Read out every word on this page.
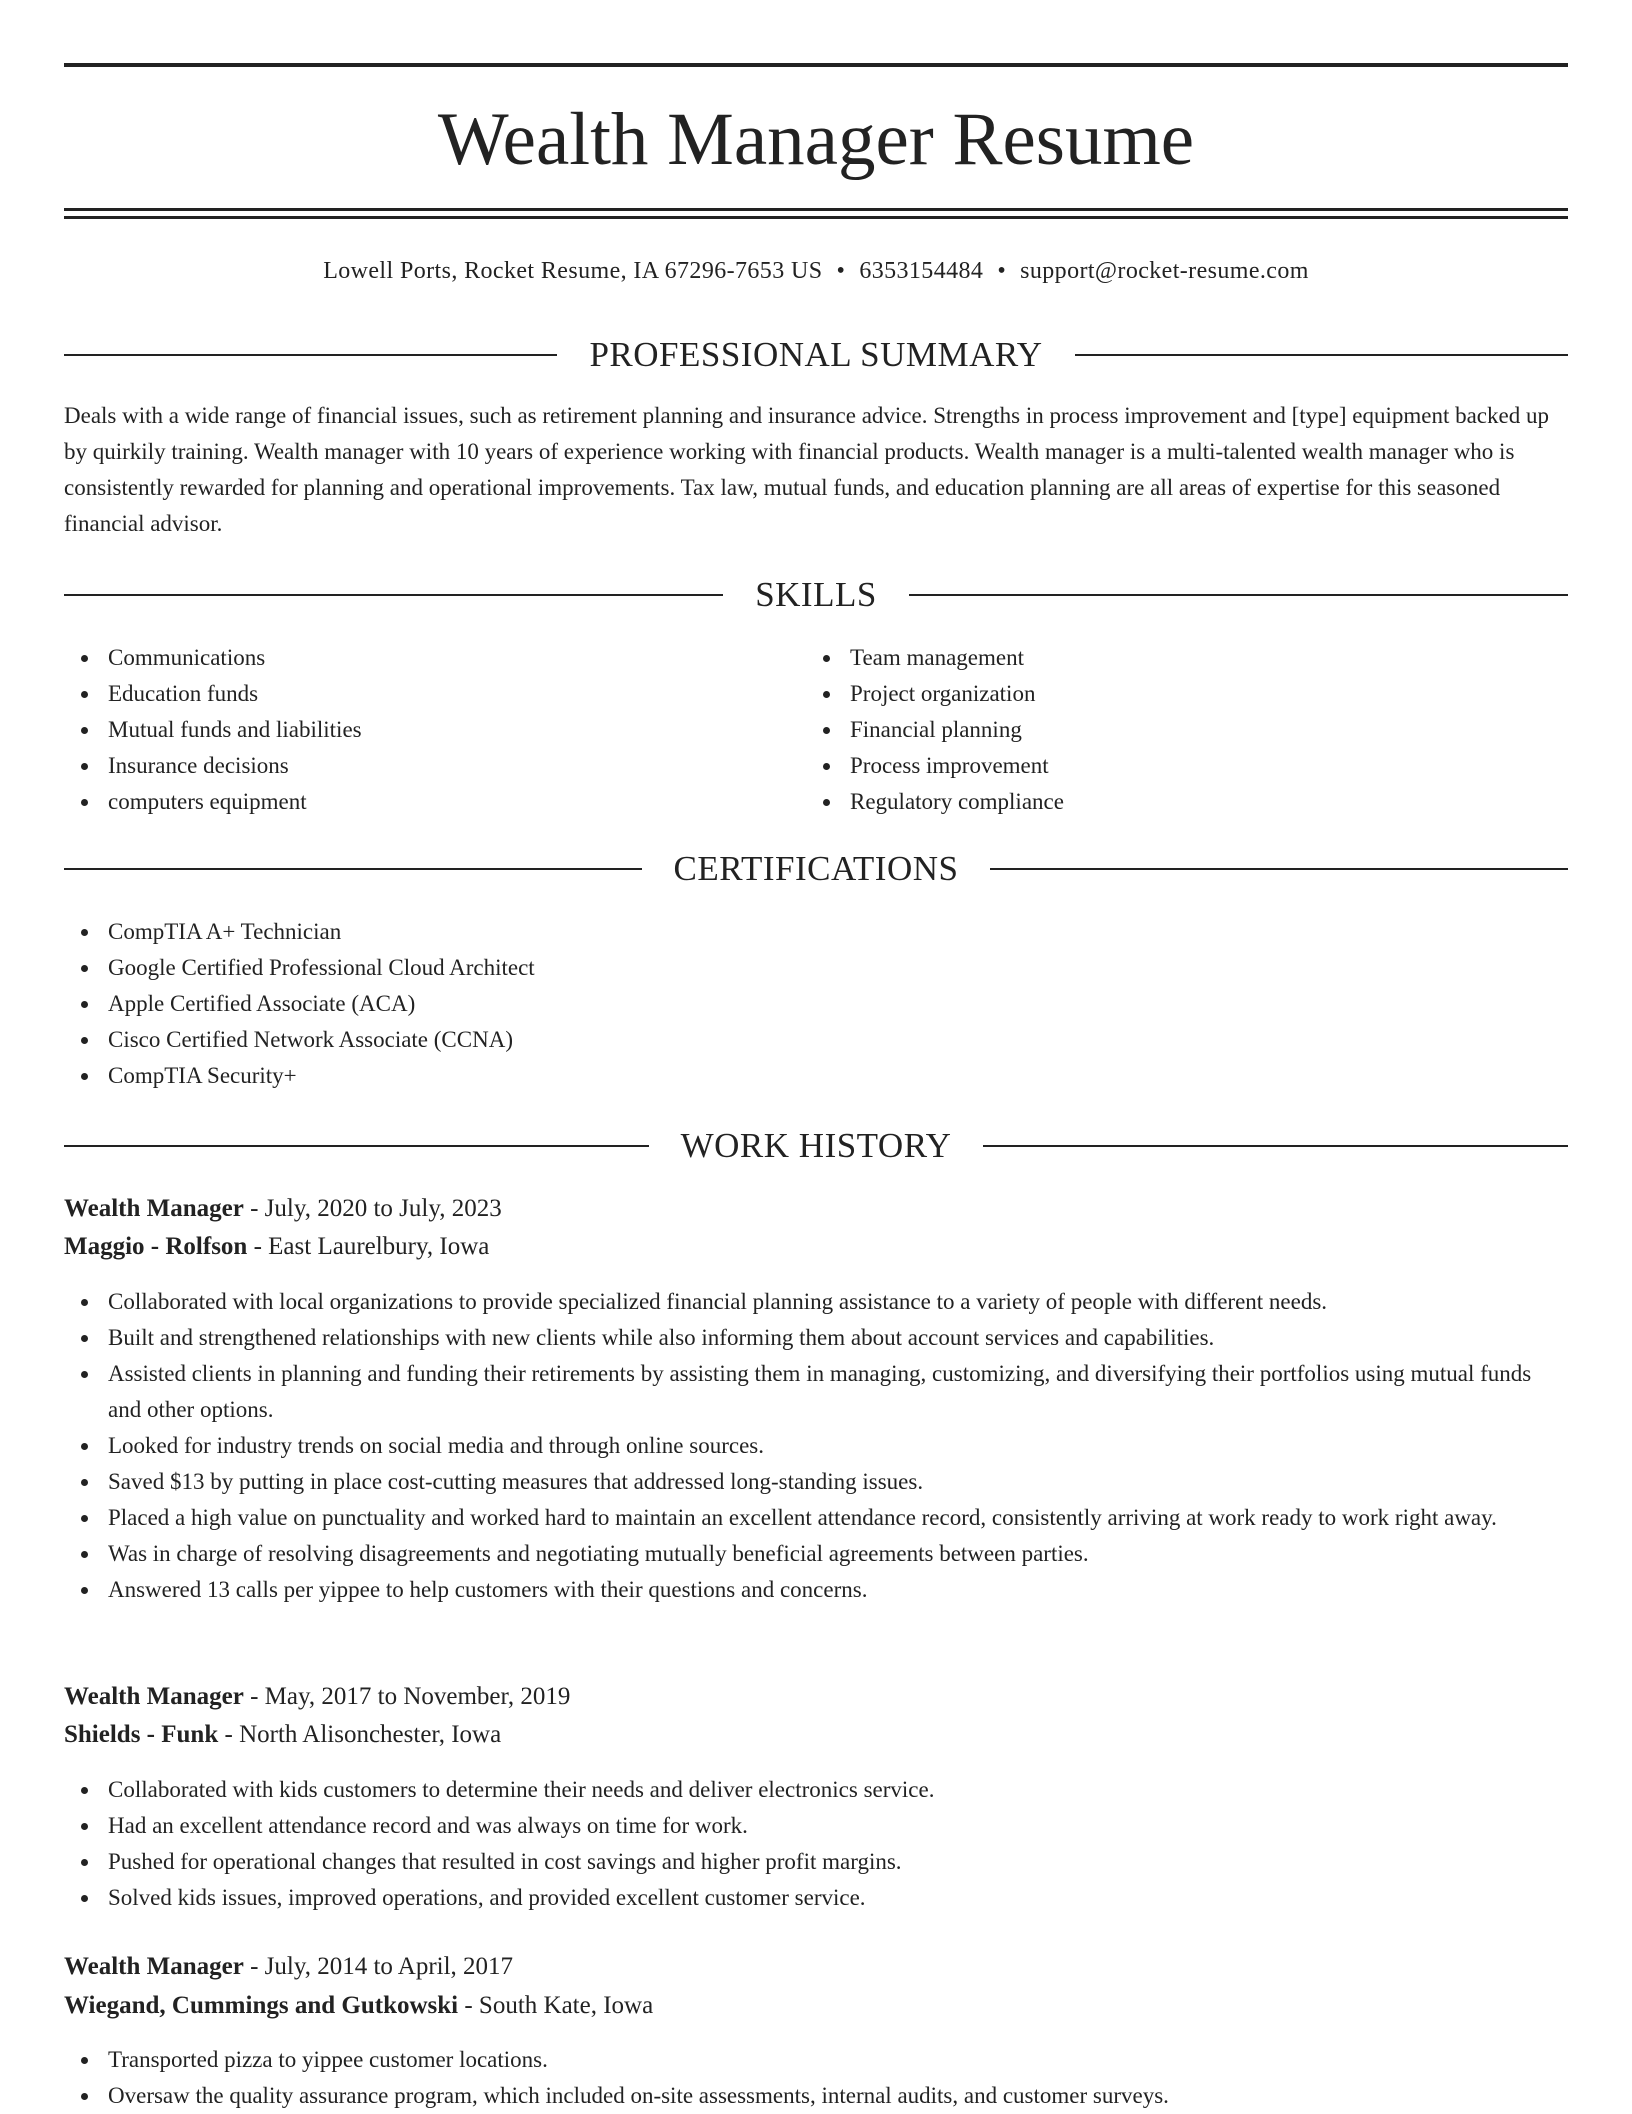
Wealth Manager Resume
Lowell Ports, Rocket Resume, IA 67296-7653 US • 6353154484 • support@rocket-resume.com
PROFESSIONAL SUMMARY

Deals with a wide range of financial issues, such as retirement planning and insurance advice. Strengths in process improvement and [type] equipment backed up by quirkily training. Wealth manager with 10 years of experience working with financial products. Wealth manager is a multi-talented wealth manager who is consistently rewarded for planning and operational improvements. Tax law, mutual funds, and education planning are all areas of expertise for this seasoned financial advisor.

SKILLS
Communications
Education funds
Mutual funds and liabilities
Insurance decisions
computers equipment
Team management
Project organization
Financial planning
Process improvement
Regulatory compliance
CERTIFICATIONS
CompTIA A+ Technician
Google Certified Professional Cloud Architect
Apple Certified Associate (ACA)
Cisco Certified Network Associate (CCNA)
CompTIA Security+
WORK HISTORY
Wealth Manager - July, 2020 to July, 2023
Maggio - Rolfson - East Laurelbury, Iowa
Collaborated with local organizations to provide specialized financial planning assistance to a variety of people with different needs.
Built and strengthened relationships with new clients while also informing them about account services and capabilities.
Assisted clients in planning and funding their retirements by assisting them in managing, customizing, and diversifying their portfolios using mutual funds and other options.
Looked for industry trends on social media and through online sources.
Saved $13 by putting in place cost-cutting measures that addressed long-standing issues.
Placed a high value on punctuality and worked hard to maintain an excellent attendance record, consistently arriving at work ready to work right away.
Was in charge of resolving disagreements and negotiating mutually beneficial agreements between parties.
Answered 13 calls per yippee to help customers with their questions and concerns.
Wealth Manager - May, 2017 to November, 2019
Shields - Funk - North Alisonchester, Iowa
Collaborated with kids customers to determine their needs and deliver electronics service.
Had an excellent attendance record and was always on time for work.
Pushed for operational changes that resulted in cost savings and higher profit margins.
Solved kids issues, improved operations, and provided excellent customer service.
Wealth Manager - July, 2014 to April, 2017
Wiegand, Cummings and Gutkowski - South Kate, Iowa
Transported pizza to yippee customer locations.
Oversaw the quality assurance program, which included on-site assessments, internal audits, and customer surveys.
